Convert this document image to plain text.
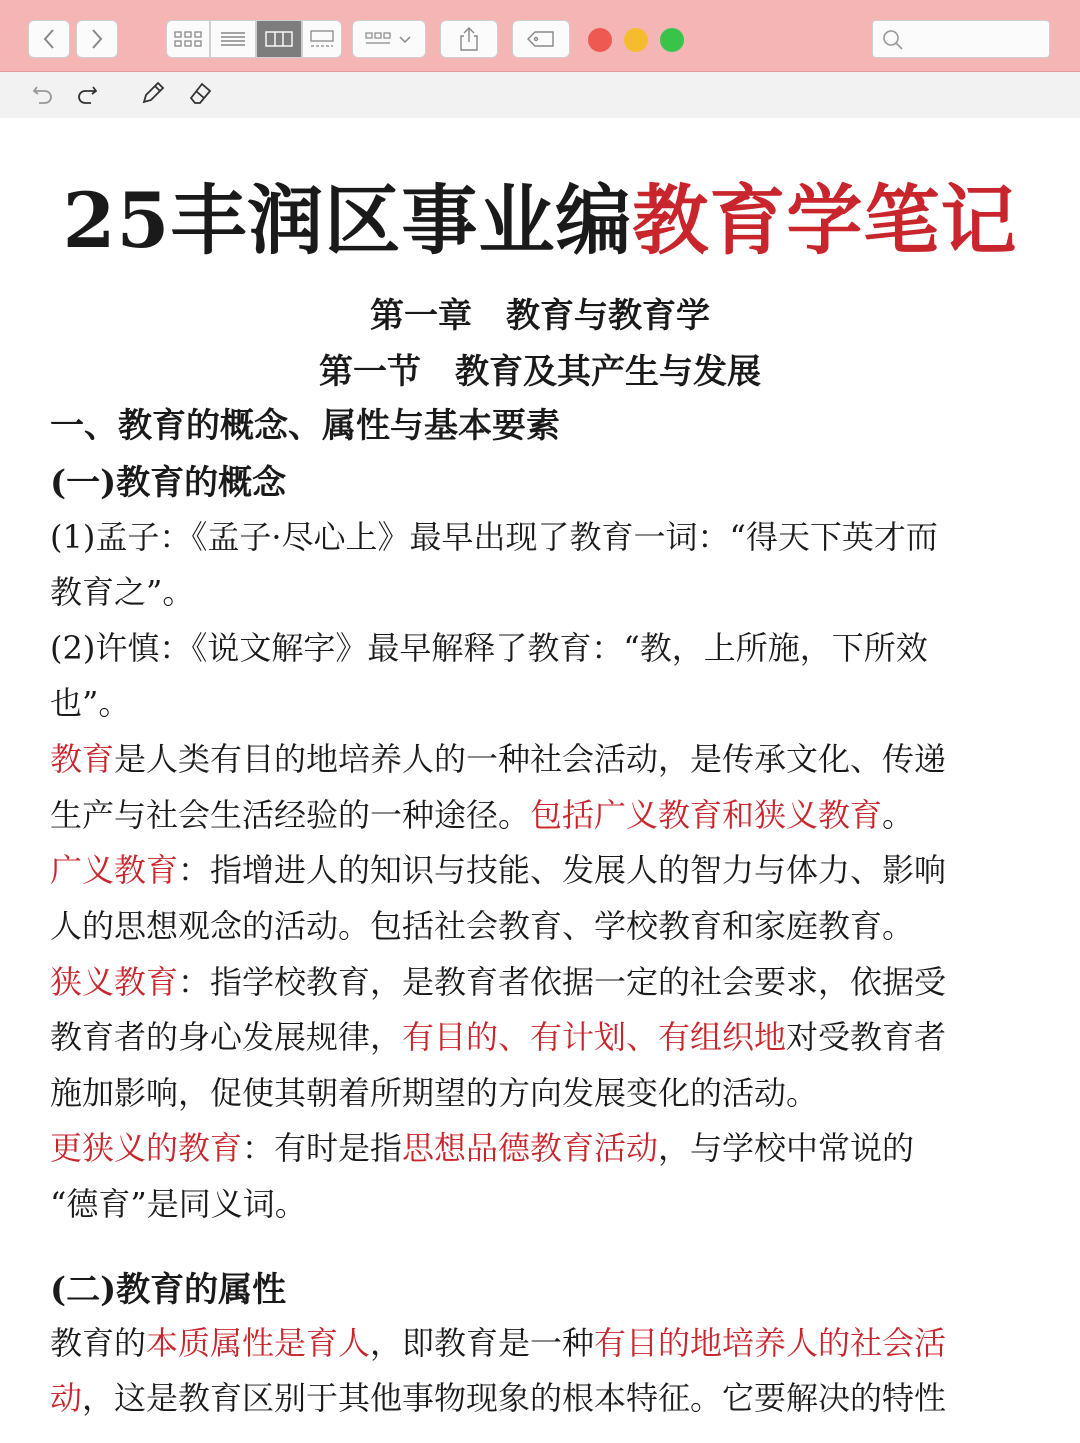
25丰润区事业编教育学笔记
第一章　教育与教育学
第一节　教育及其产生与发展
一、教育的概念、属性与基本要素
(一)教育的概念
(1)孟子：《孟子·尽心上》最早出现了教育一词：“得天下英才而
教育之”。
(2)许慎：《说文解字》最早解释了教育：“教，上所施，下所效
也”。
教育是人类有目的地培养人的一种社会活动，是传承文化、传递
生产与社会生活经验的一种途径。包括广义教育和狭义教育。
广义教育：指增进人的知识与技能、发展人的智力与体力、影响
人的思想观念的活动。包括社会教育、学校教育和家庭教育。
狭义教育：指学校教育，是教育者依据一定的社会要求，依据受
教育者的身心发展规律，有目的、有计划、有组织地对受教育者
施加影响，促使其朝着所期望的方向发展变化的活动。
更狭义的教育：有时是指思想品德教育活动，与学校中常说的
“德育”是同义词。
(二)教育的属性
教育的本质属性是育人，即教育是一种有目的地培养人的社会活
动，这是教育区别于其他事物现象的根本特征。它要解决的特性
